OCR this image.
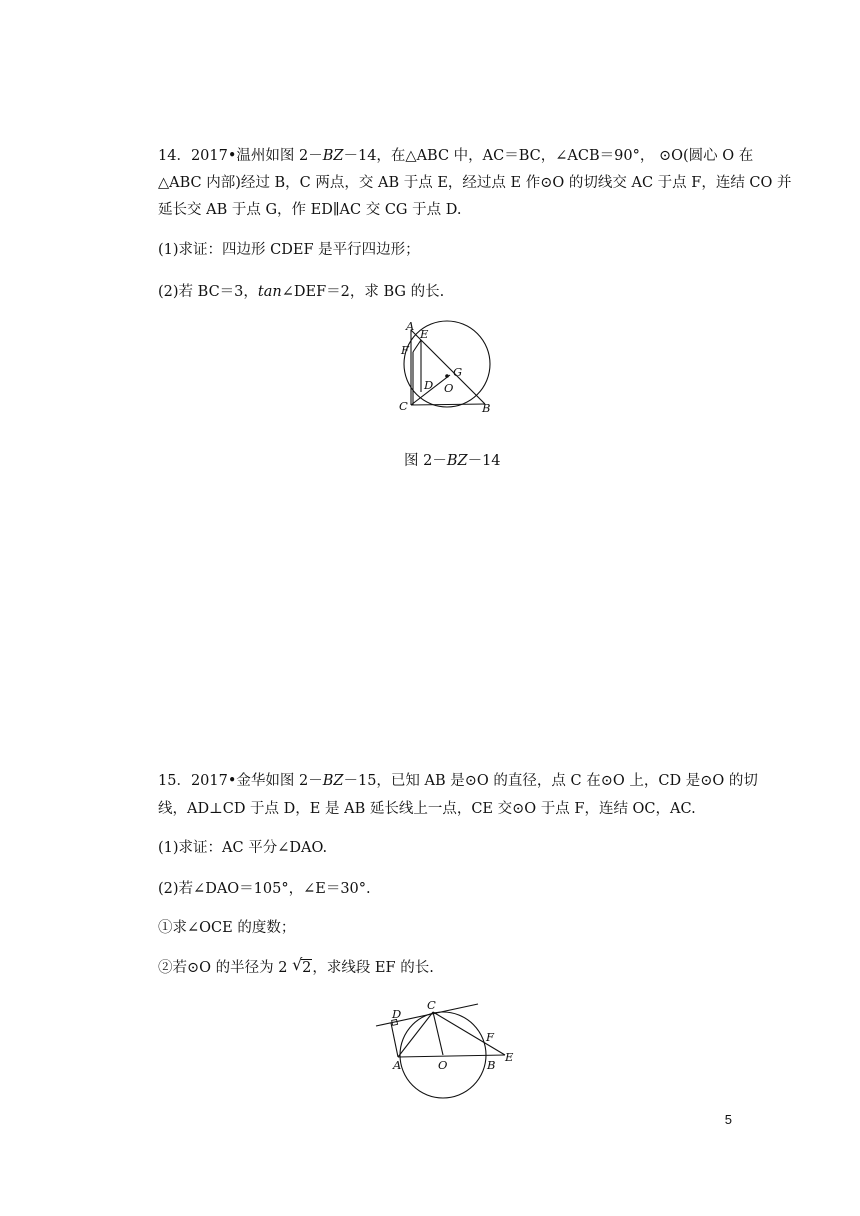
14．2017•温州如图 2－BZ－14，在△ABC 中，AC＝BC，∠ACB＝90°， ⊙O(圆心 O 在
△ABC 内部)经过 B，C 两点，交 AB 于点 E，经过点 E 作⊙O 的切线交 AC 于点 F，连结 CO 并
延长交 AB 于点 G，作 ED∥AC 交 CG 于点 D.
(1)求证：四边形 CDEF 是平行四边形；
(2)若 BC＝3，tan∠DEF＝2，求 BG 的长.
A
E
F
G
D O
C	B
图 2－BZ－14
15．2017•金华如图 2－BZ－15，已知 AB 是⊙O 的直径，点 C 在⊙O 上，CD 是⊙O 的切
线，AD⊥CD 于点 D，E 是 AB 延长线上一点，CE 交⊙O 于点 F，连结 OC，AC.
(1)求证：AC 平分∠DAO.
(2)若∠DAO＝105°，∠E＝30°.
①求∠OCE 的度数；
②若⊙O 的半径为 2 √ 2，求线段 EF 的长.
D
C
F
A	O	B
E
5
